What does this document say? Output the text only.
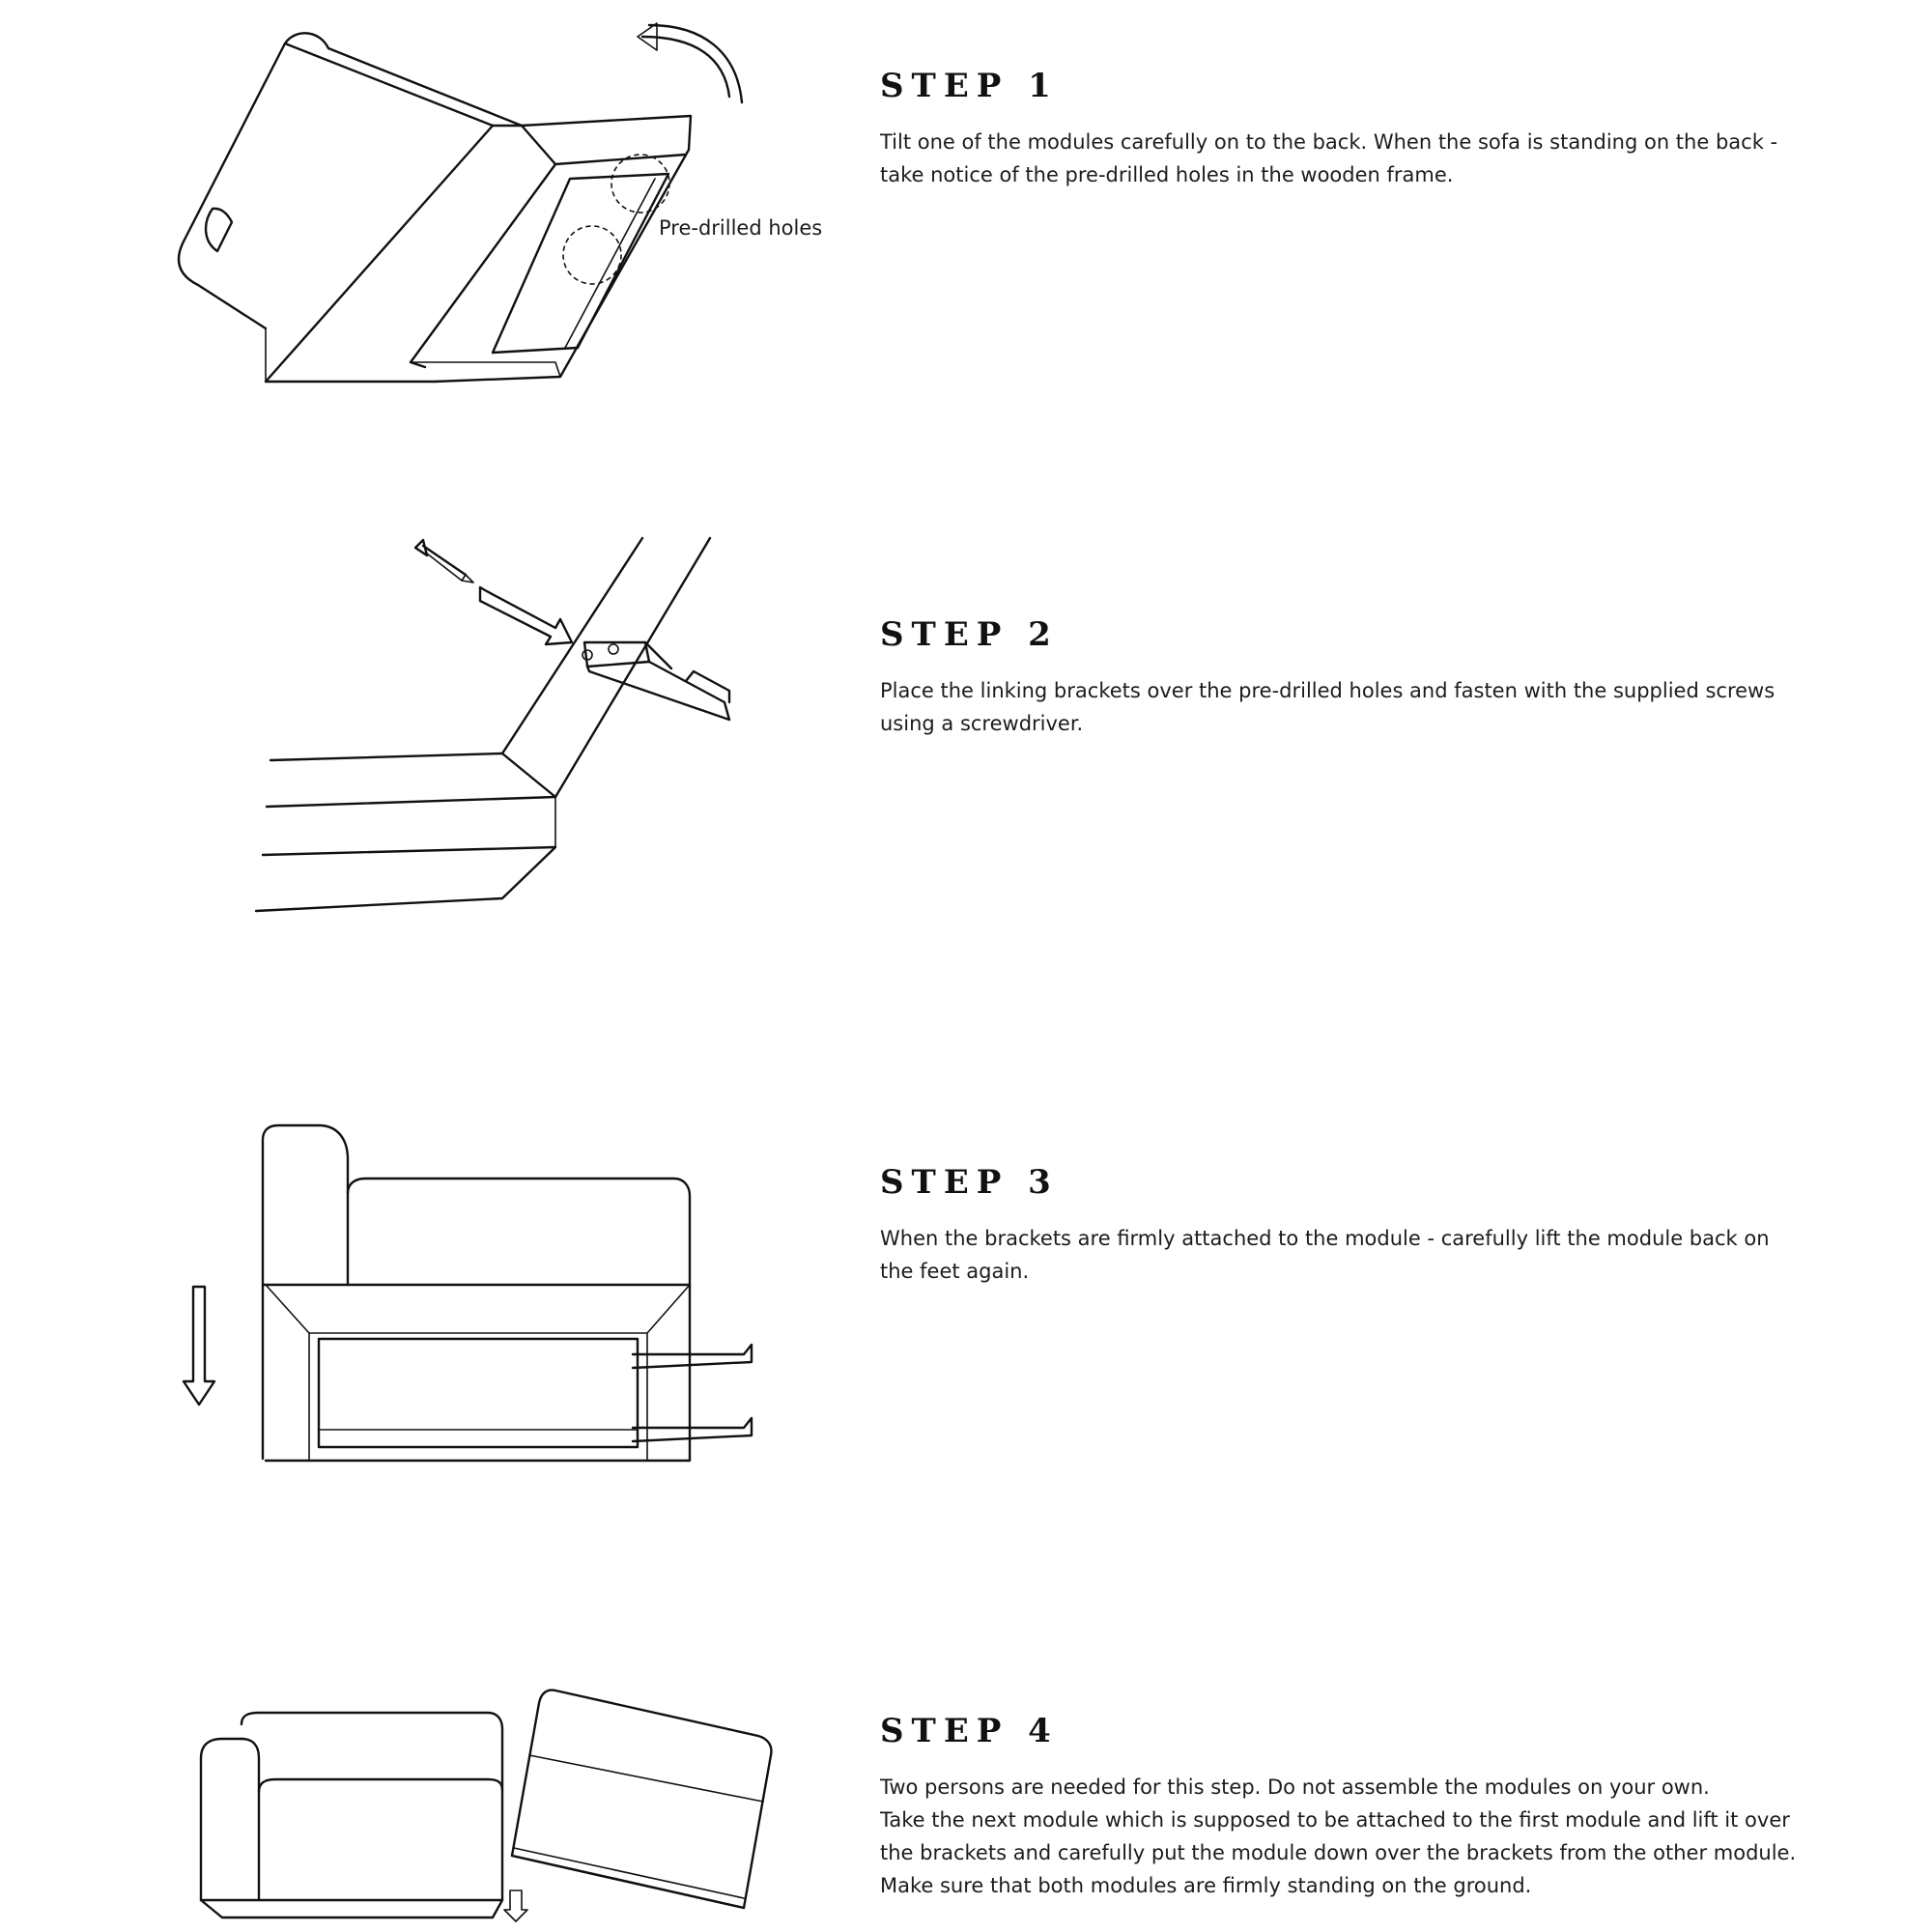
Pre-drilled holes
STEP 1

Tilt one of the modules carefully on to the back. When the sofa is standing on the back -
take notice of the pre-drilled holes in the wooden frame.

STEP 2

Place the linking brackets over the pre-drilled holes and fasten with the supplied screws
using a screwdriver.

STEP 3

When the brackets are firmly attached to the module - carefully lift the module back on
the feet again.

STEP 4

Two persons are needed for this step. Do not assemble the modules on your own.
Take the next module which is supposed to be attached to the first module and lift it over
the brackets and carefully put the module down over the brackets from the other module.
Make sure that both modules are firmly standing on the ground.
